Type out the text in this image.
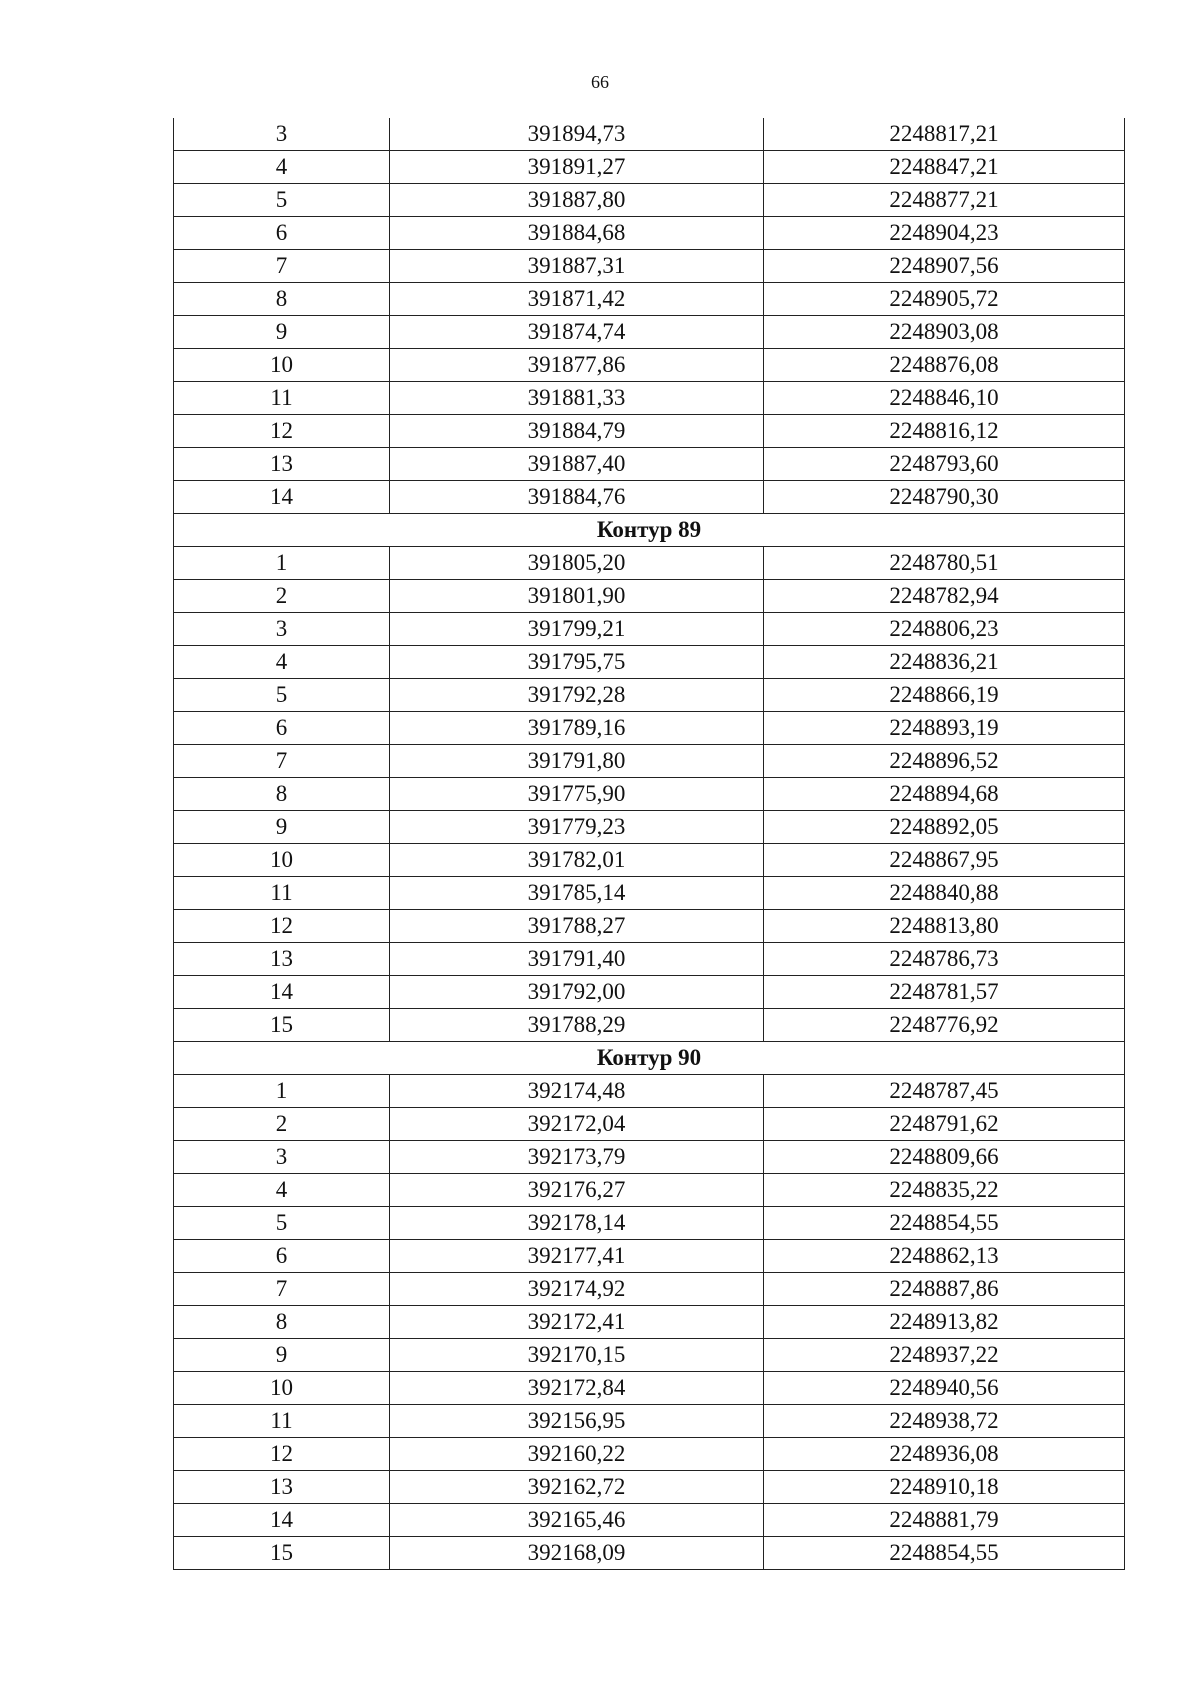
66
3	391894,73	2248817,21
4	391891,27	2248847,21
5	391887,80	2248877,21
6	391884,68	2248904,23
7	391887,31	2248907,56
8	391871,42	2248905,72
9	391874,74	2248903,08
10	391877,86	2248876,08
11	391881,33	2248846,10
12	391884,79	2248816,12
13	391887,40	2248793,60
14	391884,76	2248790,30
Контур 89		
1	391805,20	2248780,51
2	391801,90	2248782,94
3	391799,21	2248806,23
4	391795,75	2248836,21
5	391792,28	2248866,19
6	391789,16	2248893,19
7	391791,80	2248896,52
8	391775,90	2248894,68
9	391779,23	2248892,05
10	391782,01	2248867,95
11	391785,14	2248840,88
12	391788,27	2248813,80
13	391791,40	2248786,73
14	391792,00	2248781,57
15	391788,29	2248776,92
Контур 90		
1	392174,48	2248787,45
2	392172,04	2248791,62
3	392173,79	2248809,66
4	392176,27	2248835,22
5	392178,14	2248854,55
6	392177,41	2248862,13
7	392174,92	2248887,86
8	392172,41	2248913,82
9	392170,15	2248937,22
10	392172,84	2248940,56
11	392156,95	2248938,72
12	392160,22	2248936,08
13	392162,72	2248910,18
14	392165,46	2248881,79
15	392168,09	2248854,55
